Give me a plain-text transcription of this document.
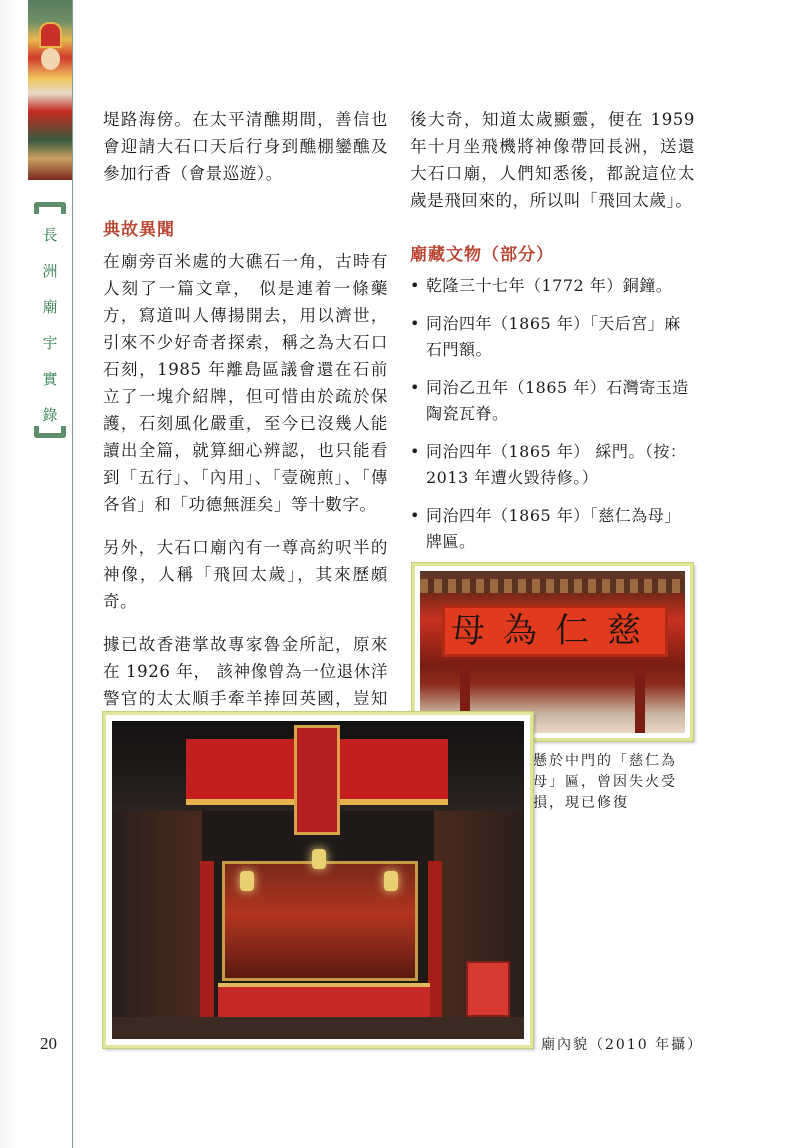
長
洲
廟
宇
實
錄
20

堤路海傍。在太平清醮期間，善信也會迎請大石口天后行身到醮棚鑾醮及參加行香（會景巡遊）。

典故異聞

在廟旁百米處的大礁石一角，古時有人刻了一篇文章， 似是連着一條藥方，寫道叫人傳揚開去，用以濟世，引來不少好奇者探索，稱之為大石口石刻，1985 年離島區議會還在石前立了一塊介紹牌，但可惜由於疏於保護，石刻風化嚴重，至今已沒幾人能讀出全篇，就算細心辨認，也只能看到「五行」、「內用」、「壹碗煎」、「傳各省」和「功德無涯矣」等十數字。

另外，大石口廟內有一尊高約呎半的神像，人稱「飛回太歲」，其來歷頗奇。

據已故香港掌故專家魯金所記，原來在 1926 年， 該神像曾為一位退休洋警官的太太順手牽羊捧回英國，豈知

後大奇，知道太歲顯靈，便在 1959 年十月坐飛機將神像帶回長洲，送還大石口廟，人們知悉後，都說這位太歲是飛回來的，所以叫「飛回太歲」。

廟藏文物（部分）
• 乾隆三十七年（1772 年）銅鐘。
• 同治四年（1865 年）「天后宮」麻石門額。
• 同治乙丑年（1865 年）石灣寄玉造陶瓷瓦脊。
• 同治四年（1865 年） 綵門。（按：2013 年遭火毀待修。）
• 同治四年（1865 年）「慈仁為母」牌匾。
母為仁慈
懸於中門的「慈仁為母」匾，曾因失火受損，現已修復
廟內貌（2010 年攝）
